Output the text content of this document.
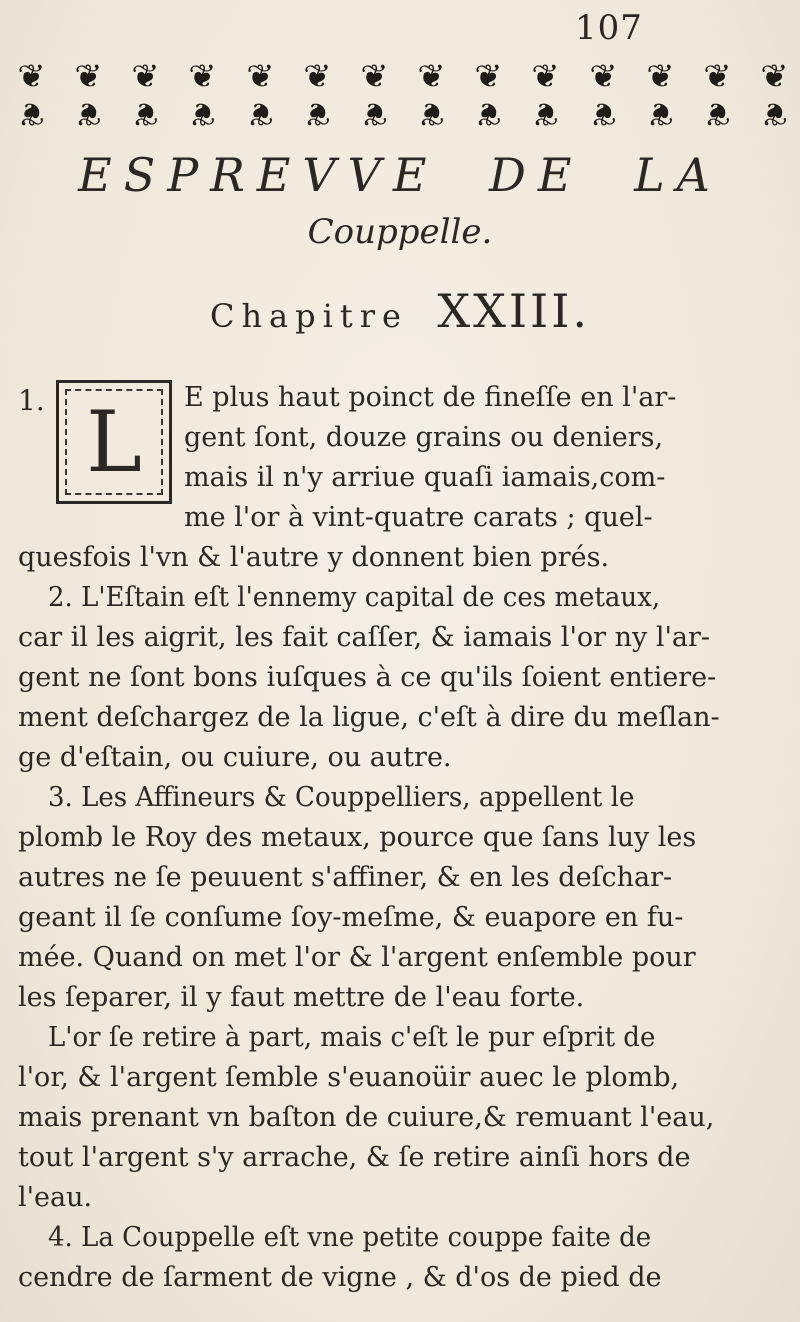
107
❦ ❦ ❦ ❦ ❦ ❦ ❦ ❦ ❦ ❦ ❦ ❦ ❦ ❦
❦ ❦ ❦ ❦ ❦ ❦ ❦ ❦ ❦ ❦ ❦ ❦ ❦ ❦
ESPREVVE DE LA
Couppelle.
Chapitre XXIII.
1. L	E plus haut poinct de fineſſe en l'ar-
gent ſont, douze grains ou deniers,
mais il n'y arriue quaſi iamais,com-
me l'or à vint-quatre carats ; quel-
quesfois l'vn & l'autre y donnent bien prés.
2. L'Eſtain eſt l'ennemy capital de ces metaux,
car il les aigrit, les fait caſſer, & iamais l'or ny l'ar-
gent ne ſont bons iuſques à ce qu'ils ſoient entiere-
ment deſchargez de la ligue, c'eſt à dire du meſlan-
ge d'eſtain, ou cuiure, ou autre.
3. Les Affineurs & Couppelliers, appellent le
plomb le Roy des metaux, pource que ſans luy les
autres ne ſe peuuent s'affiner, & en les deſchar-
geant il ſe conſume ſoy-meſme, & euapore en fu-
mée. Quand on met l'or & l'argent enſemble pour
les ſeparer, il y faut mettre de l'eau forte.
L'or ſe retire à part, mais c'eſt le pur eſprit de
l'or, & l'argent ſemble s'euanoüir auec le plomb,
mais prenant vn baſton de cuiure,& remuant l'eau,
tout l'argent s'y arrache, & ſe retire ainſi hors de
l'eau.
4. La Couppelle eſt vne petite couppe faite de
cendre de ſarment de vigne , & d'os de pied de
